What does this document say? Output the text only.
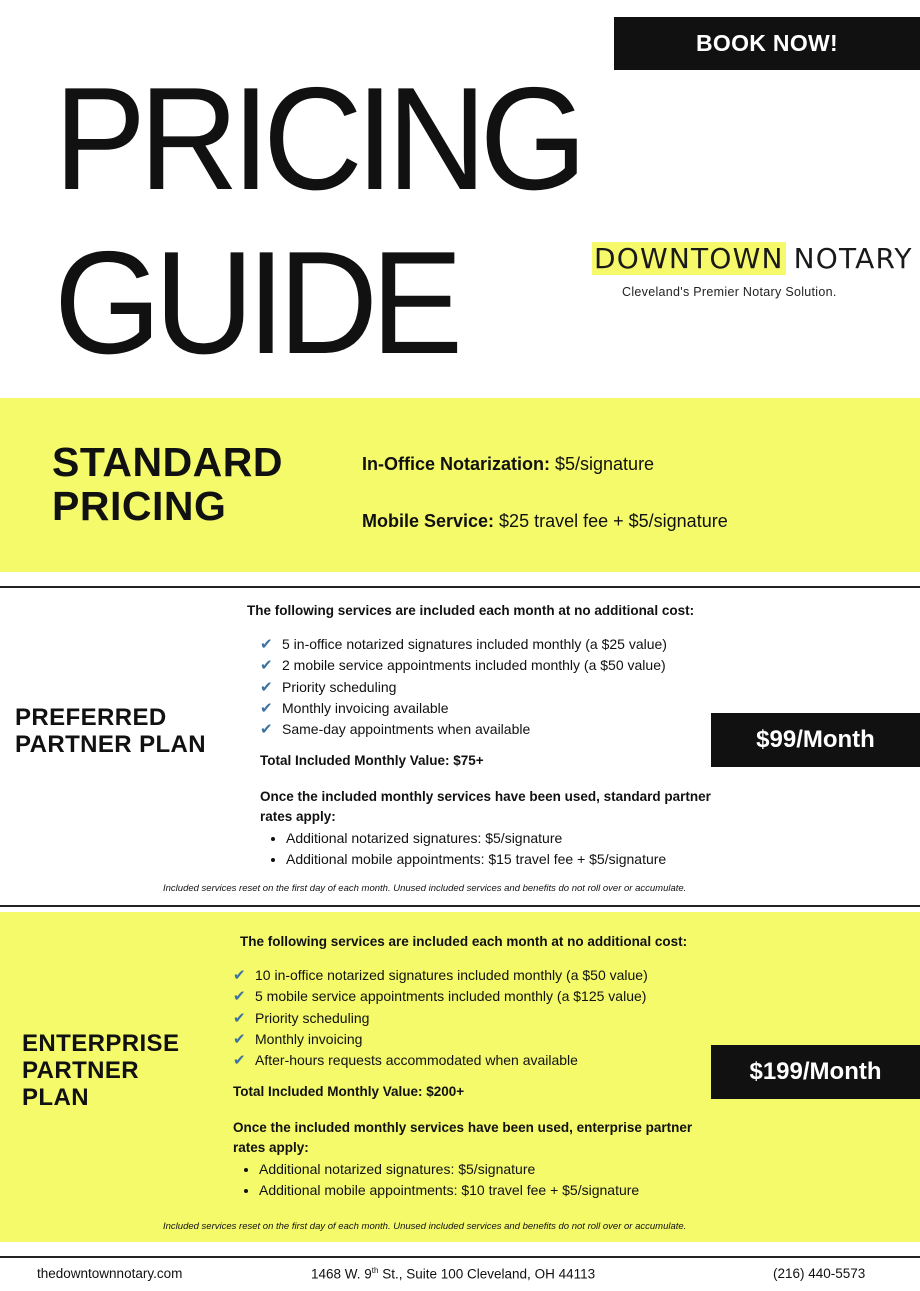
BOOK NOW!
PRICING
GUIDE	DOWNTOWN NOTARY
Cleveland's Premier Notary Solution.
STANDARD
PRICING
In-Office Notarization: $5/signature
Mobile Service: $25 travel fee + $5/signature
PREFERRED
PARTNER PLAN
The following services are included each month at no additional cost:
✔ 5 in-office notarized signatures included monthly (a $25 value)
✔ 2 mobile service appointments included monthly (a $50 value)
✔ Priority scheduling
✔ Monthly invoicing available
✔ Same-day appointments when available
Total Included Monthly Value: $75+
Once the included monthly services have been used, standard partner rates apply:
• Additional notarized signatures: $5/signature
• Additional mobile appointments: $15 travel fee + $5/signature
Included services reset on the first day of each month. Unused included services and benefits do not roll over or accumulate.
$99/Month
ENTERPRISE
PARTNER
PLAN
The following services are included each month at no additional cost:
✔ 10 in-office notarized signatures included monthly (a $50 value)
✔ 5 mobile service appointments included monthly (a $125 value)
✔ Priority scheduling
✔ Monthly invoicing
✔ After-hours requests accommodated when available
Total Included Monthly Value: $200+
Once the included monthly services have been used, enterprise partner rates apply:
• Additional notarized signatures: $5/signature
• Additional mobile appointments: $10 travel fee + $5/signature
Included services reset on the first day of each month. Unused included services and benefits do not roll over or accumulate.
$199/Month
thedowntownnotary.com	1468 W. 9th St., Suite 100 Cleveland, OH 44113	(216) 440-5573
